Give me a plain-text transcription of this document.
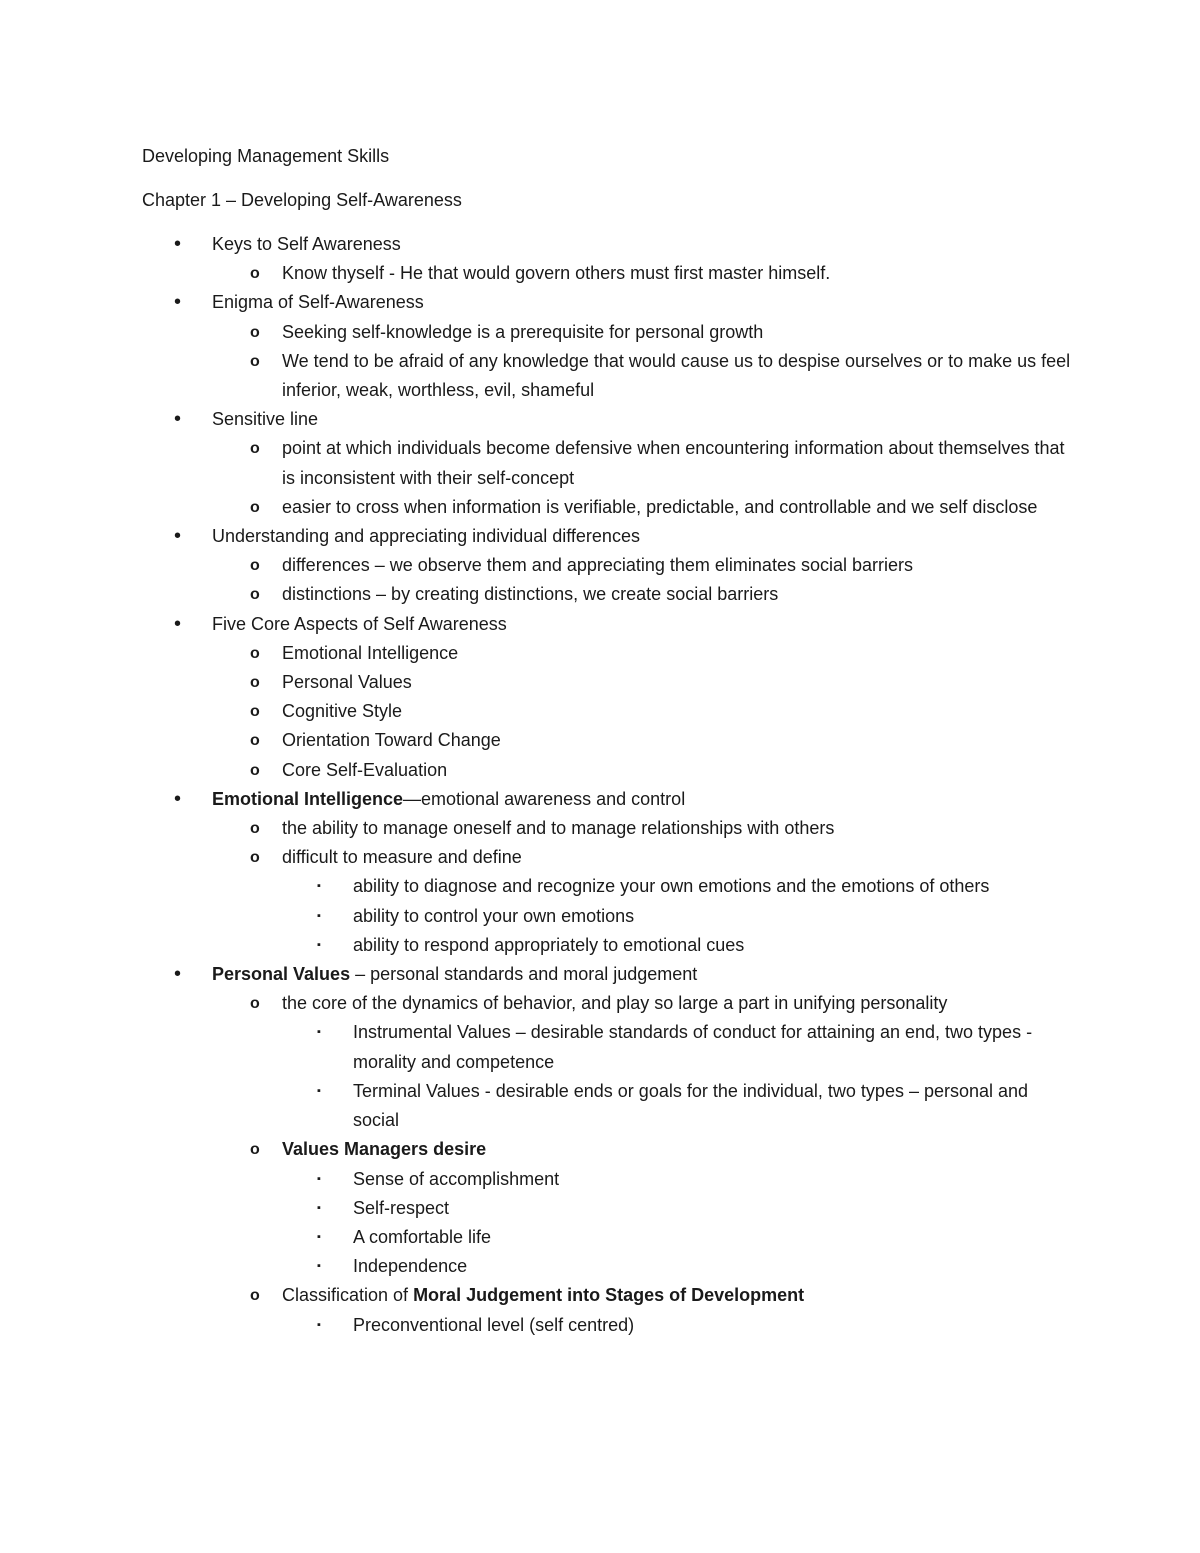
Developing Management Skills
Chapter 1 – Developing Self-Awareness
• Keys to Self Awareness
o Know thyself - He that would govern others must first master himself.
• Enigma of Self-Awareness
o Seeking self-knowledge is a prerequisite for personal growth
o We tend to be afraid of any knowledge that would cause us to despise ourselves or to make us feel inferior, weak, worthless, evil, shameful
• Sensitive line
o point at which individuals become defensive when encountering information about themselves that is inconsistent with their self-concept
o easier to cross when information is verifiable, predictable, and controllable and we self disclose
• Understanding and appreciating individual differences
o differences – we observe them and appreciating them eliminates social barriers
o distinctions – by creating distinctions, we create social barriers
• Five Core Aspects of Self Awareness
o Emotional Intelligence
o Personal Values
o Cognitive Style
o Orientation Toward Change
o Core Self-Evaluation
• Emotional Intelligence—emotional awareness and control
o the ability to manage oneself and to manage relationships with others
o difficult to measure and define
▪ ability to diagnose and recognize your own emotions and the emotions of others
▪ ability to control your own emotions
▪ ability to respond appropriately to emotional cues
• Personal Values – personal standards and moral judgement
o the core of the dynamics of behavior, and play so large a part in unifying personality
▪ Instrumental Values – desirable standards of conduct for attaining an end, two types - morality and competence
▪ Terminal Values - desirable ends or goals for the individual, two types – personal and social
o Values Managers desire
▪ Sense of accomplishment
▪ Self-respect
▪ A comfortable life
▪ Independence
o Classification of Moral Judgement into Stages of Development
▪ Preconventional level (self centred)
